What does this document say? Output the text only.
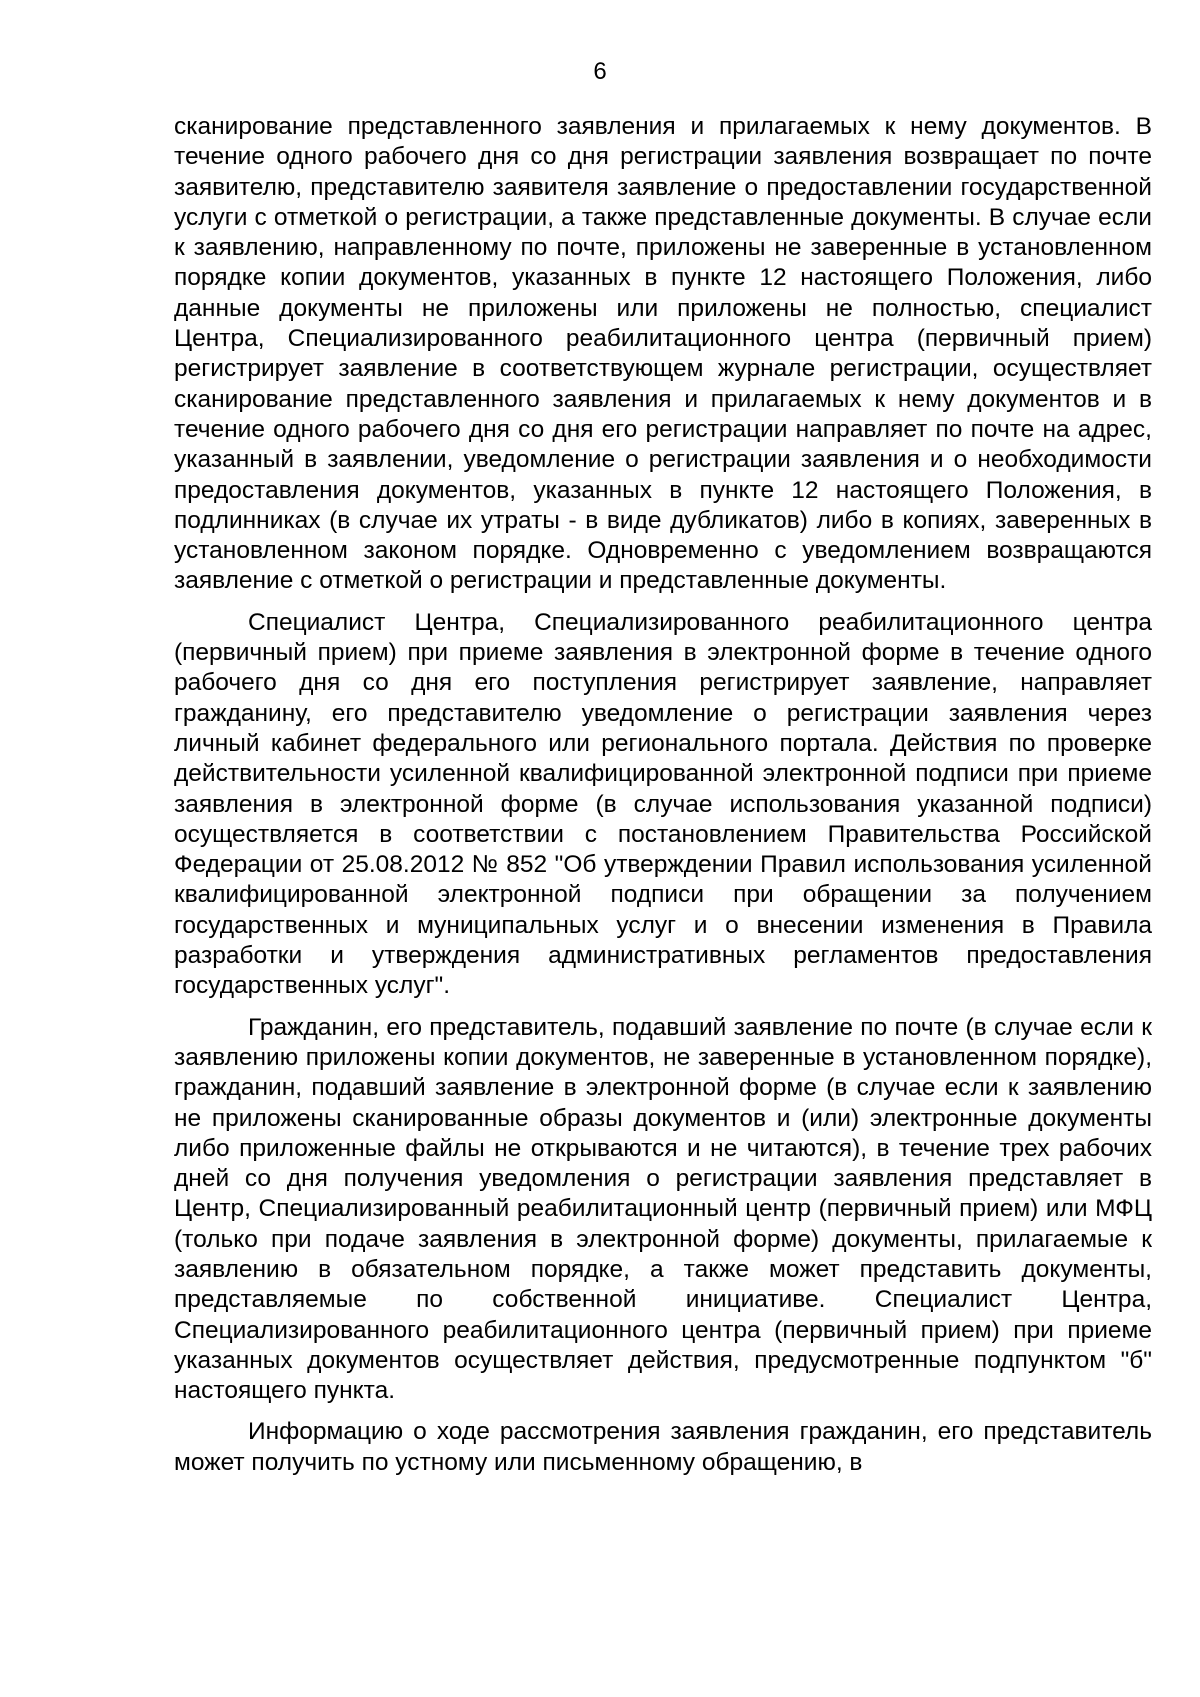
6

сканирование представленного заявления и прилагаемых к нему документов. В течение одного рабочего дня со дня регистрации заявления возвращает по почте заявителю, представителю заявителя заявление о предоставлении государственной услуги с отметкой о регистрации, а также представленные документы. В случае если к заявлению, направленному по почте, приложены не заверенные в установленном порядке копии документов, указанных в пункте 12 настоящего Положения, либо данные документы не приложены или приложены не полностью, специалист Центра, Специализированного реабилитационного центра (первичный прием) регистрирует заявление в соответствующем журнале регистрации, осуществляет сканирование представленного заявления и прилагаемых к нему документов и в течение одного рабочего дня со дня его регистрации направляет по почте на адрес, указанный в заявлении, уведомление о регистрации заявления и о необходимости предоставления документов, указанных в пункте 12 настоящего Положения, в подлинниках (в случае их утраты - в виде дубликатов) либо в копиях, заверенных в установленном законом порядке. Одновременно с уведомлением возвращаются заявление с отметкой о регистрации и представленные документы.

Специалист Центра, Специализированного реабилитационного центра (первичный прием) при приеме заявления в электронной форме в течение одного рабочего дня со дня его поступления регистрирует заявление, направляет гражданину, его представителю уведомление о регистрации заявления через личный кабинет федерального или регионального портала. Действия по проверке действительности усиленной квалифицированной электронной подписи при приеме заявления в электронной форме (в случае использования указанной подписи) осуществляется в соответствии с постановлением Правительства Российской Федерации от 25.08.2012 № 852 "Об утверждении Правил использования усиленной квалифицированной электронной подписи при обращении за получением государственных и муниципальных услуг и о внесении изменения в Правила разработки и утверждения административных регламентов предоставления государственных услуг".

Гражданин, его представитель, подавший заявление по почте (в случае если к заявлению приложены копии документов, не заверенные в установленном порядке), гражданин, подавший заявление в электронной форме (в случае если к заявлению не приложены сканированные образы документов и (или) электронные документы либо приложенные файлы не открываются и не читаются), в течение трех рабочих дней со дня получения уведомления о регистрации заявления представляет в Центр, Специализированный реабилитационный центр (первичный прием) или МФЦ (только при подаче заявления в электронной форме) документы, прилагаемые к заявлению в обязательном порядке, а также может представить документы, представляемые по собственной инициативе. Специалист Центра, Специализированного реабилитационного центра (первичный прием) при приеме указанных документов осуществляет действия, предусмотренные подпунктом "б" настоящего пункта.

Информацию о ходе рассмотрения заявления гражданин, его представитель может получить по устному или письменному обращению, в
